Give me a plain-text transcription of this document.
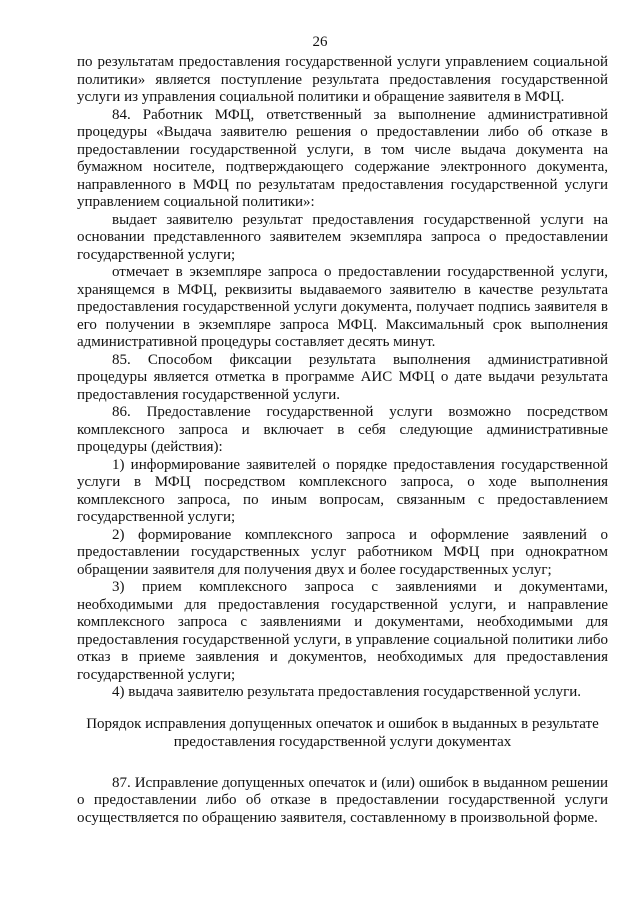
26

по результатам предоставления государственной услуги управлением социальной политики» является поступление результата предоставления государственной услуги из управления социальной политики и обращение заявителя в МФЦ.

84. Работник МФЦ, ответственный за выполнение административной процедуры «Выдача заявителю решения о предоставлении либо об отказе в предоставлении государственной услуги, в том числе выдача документа на бумажном носителе, подтверждающего содержание электронного документа, направленного в МФЦ по результатам предоставления государственной услуги управлением социальной политики»:

выдает заявителю результат предоставления государственной услуги на основании представленного заявителем экземпляра запроса о предоставлении государственной услуги;

отмечает в экземпляре запроса о предоставлении государственной услуги, хранящемся в МФЦ, реквизиты выдаваемого заявителю в качестве результата предоставления государственной услуги документа, получает подпись заявителя в его получении в экземпляре запроса МФЦ. Максимальный срок выполнения административной процедуры составляет десять минут.

85. Способом фиксации результата выполнения административной процедуры является отметка в программе АИС МФЦ о дате выдачи результата предоставления государственной услуги.

86. Предоставление государственной услуги возможно посредством комплексного запроса и включает в себя следующие административные процедуры (действия):

1) информирование заявителей о порядке предоставления государственной услуги в МФЦ посредством комплексного запроса, о ходе выполнения комплексного запроса, по иным вопросам, связанным с предоставлением государственной услуги;

2) формирование комплексного запроса и оформление заявлений о предоставлении государственных услуг работником МФЦ при однократном обращении заявителя для получения двух и более государственных услуг;

3) прием комплексного запроса с заявлениями и документами, необходимыми для предоставления государственной услуги, и направление комплексного запроса с заявлениями и документами, необходимыми для предоставления государственной услуги, в управление социальной политики либо отказ в приеме заявления и документов, необходимых для предоставления государственной услуги;

4) выдача заявителю результата предоставления государственной услуги.

Порядок исправления допущенных опечаток и ошибок в выданных в результате предоставления государственной услуги документах

87. Исправление допущенных опечаток и (или) ошибок в выданном решении о предоставлении либо об отказе в предоставлении государственной услуги осуществляется по обращению заявителя, составленному в произвольной форме.
